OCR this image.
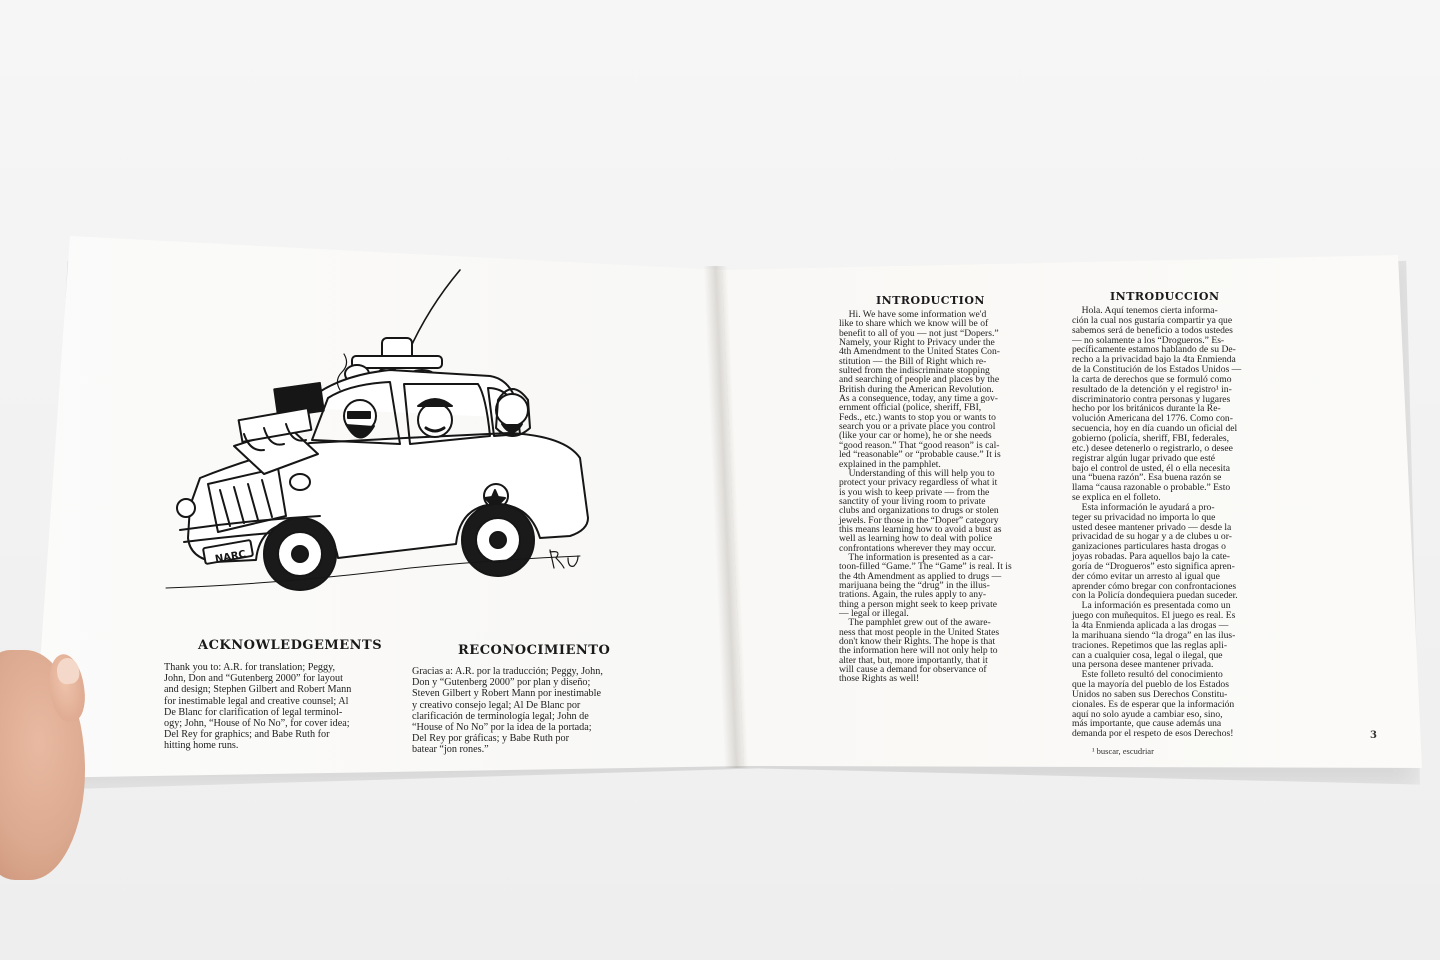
NARC
ACKNOWLEDGEMENTS
Thank you to: A.R. for translation; Peggy,
John, Don and “Gutenberg 2000” for layout
and design; Stephen Gilbert and Robert Mann
for inestimable legal and creative counsel; Al
De Blanc for clarification of legal terminol-
ogy; John, “House of No No”, for cover idea;
Del Rey for graphics; and Babe Ruth for
hitting home runs.
RECONOCIMIENTO
Gracias a: A.R. por la traducción; Peggy, John,
Don y “Gutenberg 2000” por plan y diseño;
Steven Gilbert y Robert Mann por inestimable
y creativo consejo legal; Al De Blanc por
clarificación de terminología legal; John de
“House of No No” por la idea de la portada;
Del Rey por gráficas; y Babe Ruth por
batear “jon rones.”
INTRODUCTION
Hi. We have some information we'd
like to share which we know will be of
benefit to all of you — not just “Dopers.”
Namely, your Right to Privacy under the
4th Amendment to the United States Con-
stitution — the Bill of Right which re-
sulted from the indiscriminate stopping
and searching of people and places by the
British during the American Revolution.
As a consequence, today, any time a gov-
ernment official (police, sheriff, FBI,
Feds., etc.) wants to stop you or wants to
search you or a private place you control
(like your car or home), he or she needs
“good reason.” That “good reason” is cal-
led “reasonable” or “probable cause.” It is
explained in the pamphlet.
Understanding of this will help you to
protect your privacy regardless of what it
is you wish to keep private — from the
sanctity of your living room to private
clubs and organizations to drugs or stolen
jewels. For those in the “Doper” category
this means learning how to avoid a bust as
well as learning how to deal with police
confrontations wherever they may occur.
The information is presented as a car-
toon-filled “Game.” The “Game” is real. It is
the 4th Amendment as applied to drugs —
marijuana being the “drug” in the illus-
trations. Again, the rules apply to any-
thing a person might seek to keep private
— legal or illegal.
The pamphlet grew out of the aware-
ness that most people in the United States
don't know their Rights. The hope is that
the information here will not only help to
alter that, but, more importantly, that it
will cause a demand for observance of
those Rights as well!
INTRODUCCION
Hola. Aquí tenemos cierta informa-
ción la cual nos gustaría compartir ya que
sabemos será de beneficio a todos ustedes
— no solamente a los “Drogueros.” Es-
pecíficamente estamos hablando de su De-
recho a la privacidad bajo la 4ta Enmienda
de la Constitución de los Estados Unidos —
la carta de derechos que se formuló como
resultado de la detención y el registro¹ in-
discriminatorio contra personas y lugares
hecho por los británicos durante la Re-
volución Americana del 1776. Como con-
secuencia, hoy en día cuando un oficial del
gobierno (policía, sheriff, FBI, federales,
etc.) desee detenerlo o registrarlo, o desee
registrar algún lugar privado que esté
bajo el control de usted, él o ella necesita
una “buena razón”. Esa buena razón se
llama “causa razonable o probable.” Esto
se explica en el folleto.
Esta información le ayudará a pro-
teger su privacidad no importa lo que
usted desee mantener privado — desde la
privacidad de su hogar y a de clubes u or-
ganizaciones particulares hasta drogas o
joyas robadas. Para aquellos bajo la cate-
goría de “Drogueros” esto significa apren-
der cómo evitar un arresto al igual que
aprender cómo bregar con confrontaciones
con la Policía dondequiera puedan suceder.
La información es presentada como un
juego con muñequitos. El juego es real. Es
la 4ta Enmienda aplicada a las drogas —
la marihuana siendo “la droga” en las ilus-
traciones. Repetimos que las reglas apli-
can a cualquier cosa, legal o ilegal, que
una persona desee mantener privada.
Este folleto resultó del conocimiento
que la mayoría del pueblo de los Estados
Unidos no saben sus Derechos Constitu-
cionales. Es de esperar que la información
aquí no solo ayude a cambiar eso, sino,
más importante, que cause además una
demanda por el respeto de esos Derechos!
¹ buscar, escudriar
3
